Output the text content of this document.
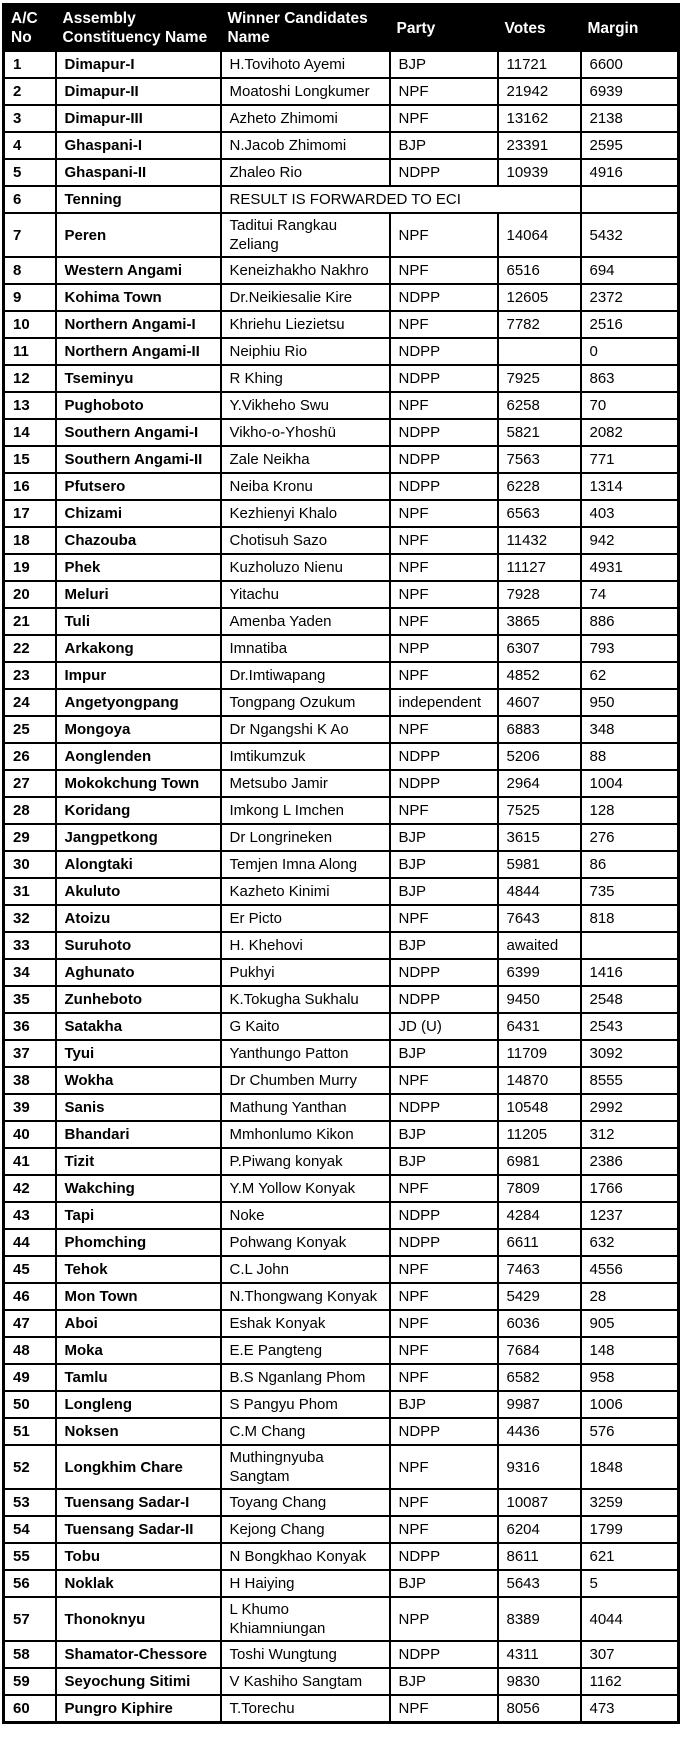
A/C No	Assembly Constituency Name	Winner Candidates Name	Party	Votes	Margin
1	Dimapur-I	H.Tovihoto Ayemi	BJP	11721	6600
2	Dimapur-II	Moatoshi Longkumer	NPF	21942	6939
3	Dimapur-III	Azheto Zhimomi	NPF	13162	2138
4	Ghaspani-I	N.Jacob Zhimomi	BJP	23391	2595
5	Ghaspani-II	Zhaleo Rio	NDPP	10939	4916
6	Tenning	RESULT IS FORWARDED TO ECI			
7	Peren	Taditui Rangkau Zeliang	NPF	14064	5432
8	Western Angami	Keneizhakho Nakhro	NPF	6516	694
9	Kohima Town	Dr.Neikiesalie Kire	NDPP	12605	2372
10	Northern Angami-I	Khriehu Liezietsu	NPF	7782	2516
11	Northern Angami-II	Neiphiu Rio	NDPP		0
12	Tseminyu	R Khing	NDPP	7925	863
13	Pughoboto	Y.Vikheho Swu	NPF	6258	70
14	Southern Angami-I	Vikho-o-Yhoshü	NDPP	5821	2082
15	Southern Angami-II	Zale Neikha	NDPP	7563	771
16	Pfutsero	Neiba Kronu	NDPP	6228	1314
17	Chizami	Kezhienyi Khalo	NPF	6563	403
18	Chazouba	Chotisuh Sazo	NPF	11432	942
19	Phek	Kuzholuzo Nienu	NPF	11127	4931
20	Meluri	Yitachu	NPF	7928	74
21	Tuli	Amenba Yaden	NPF	3865	886
22	Arkakong	Imnatiba	NPP	6307	793
23	Impur	Dr.Imtiwapang	NPF	4852	62
24	Angetyongpang	Tongpang Ozukum	independent	4607	950
25	Mongoya	Dr Ngangshi K Ao	NPF	6883	348
26	Aonglenden	Imtikumzuk	NDPP	5206	88
27	Mokokchung Town	Metsubo Jamir	NDPP	2964	1004
28	Koridang	Imkong L Imchen	NPF	7525	128
29	Jangpetkong	Dr Longrineken	BJP	3615	276
30	Alongtaki	Temjen Imna Along	BJP	5981	86
31	Akuluto	Kazheto Kinimi	BJP	4844	735
32	Atoizu	Er Picto	NPF	7643	818
33	Suruhoto	H. Khehovi	BJP	awaited	
34	Aghunato	Pukhyi	NDPP	6399	1416
35	Zunheboto	K.Tokugha Sukhalu	NDPP	9450	2548
36	Satakha	G Kaito	JD (U)	6431	2543
37	Tyui	Yanthungo Patton	BJP	11709	3092
38	Wokha	Dr Chumben Murry	NPF	14870	8555
39	Sanis	Mathung Yanthan	NDPP	10548	2992
40	Bhandari	Mmhonlumo Kikon	BJP	11205	312
41	Tizit	P.Piwang konyak	BJP	6981	2386
42	Wakching	Y.M Yollow Konyak	NPF	7809	1766
43	Tapi	Noke	NDPP	4284	1237
44	Phomching	Pohwang Konyak	NDPP	6611	632
45	Tehok	C.L John	NPF	7463	4556
46	Mon Town	N.Thongwang Konyak	NPF	5429	28
47	Aboi	Eshak Konyak	NPF	6036	905
48	Moka	E.E Pangteng	NPF	7684	148
49	Tamlu	B.S Nganlang Phom	NPF	6582	958
50	Longleng	S Pangyu Phom	BJP	9987	1006
51	Noksen	C.M Chang	NDPP	4436	576
52	Longkhim Chare	Muthingnyuba Sangtam	NPF	9316	1848
53	Tuensang Sadar-I	Toyang Chang	NPF	10087	3259
54	Tuensang Sadar-II	Kejong Chang	NPF	6204	1799
55	Tobu	N Bongkhao Konyak	NDPP	8611	621
56	Noklak	H Haiying	BJP	5643	5
57	Thonoknyu	L Khumo Khiamniungan	NPP	8389	4044
58	Shamator-Chessore	Toshi Wungtung	NDPP	4311	307
59	Seyochung Sitimi	V Kashiho Sangtam	BJP	9830	1162
60	Pungro Kiphire	T.Torechu	NPF	8056	473
